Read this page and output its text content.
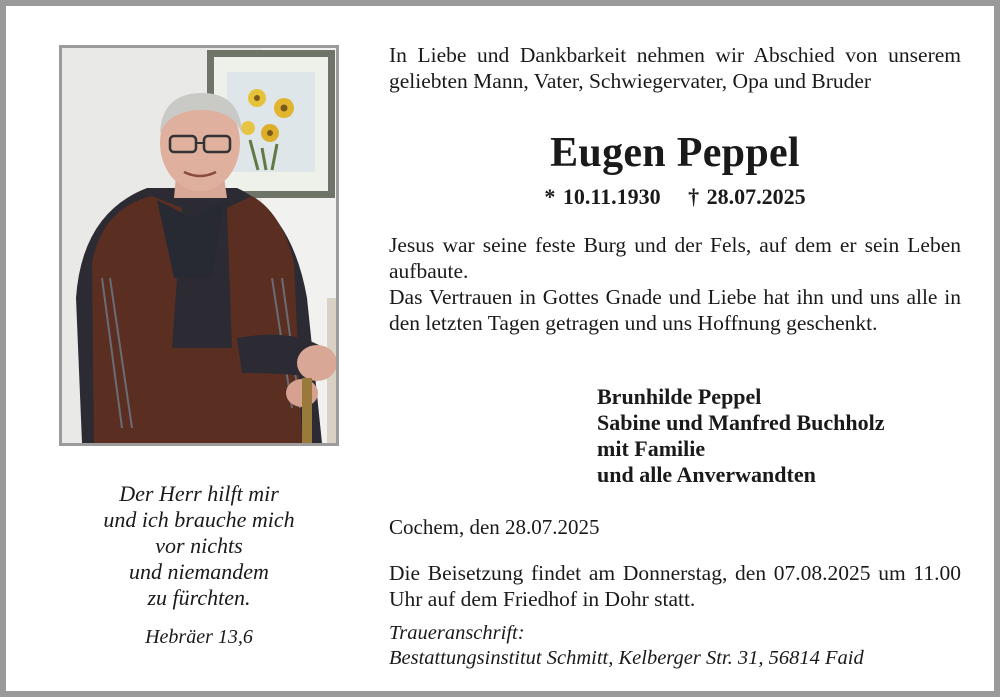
Der Herr hilft mir
und ich brauche mich
vor nichts
und niemandem
zu fürchten.
Hebräer 13,6
In Liebe und Dankbarkeit nehmen wir Abschied von unserem geliebten Mann, Vater, Schwiegervater, Opa und Bruder
Eugen Peppel
* 10.11.1930 † 28.07.2025
Jesus war seine feste Burg und der Fels, auf dem er sein Leben aufbaute.
Das Vertrauen in Gottes Gnade und Liebe hat ihn und uns alle in den letzten Tagen getragen und uns Hoffnung geschenkt.
Brunhilde Peppel
Sabine und Manfred Buchholz
mit Familie
und alle Anverwandten
Cochem, den 28.07.2025
Die Beisetzung findet am Donnerstag, den 07.08.2025 um 11.00 Uhr auf dem Friedhof in Dohr statt.
Traueranschrift:
Bestattungsinstitut Schmitt, Kelberger Str. 31, 56814 Faid
